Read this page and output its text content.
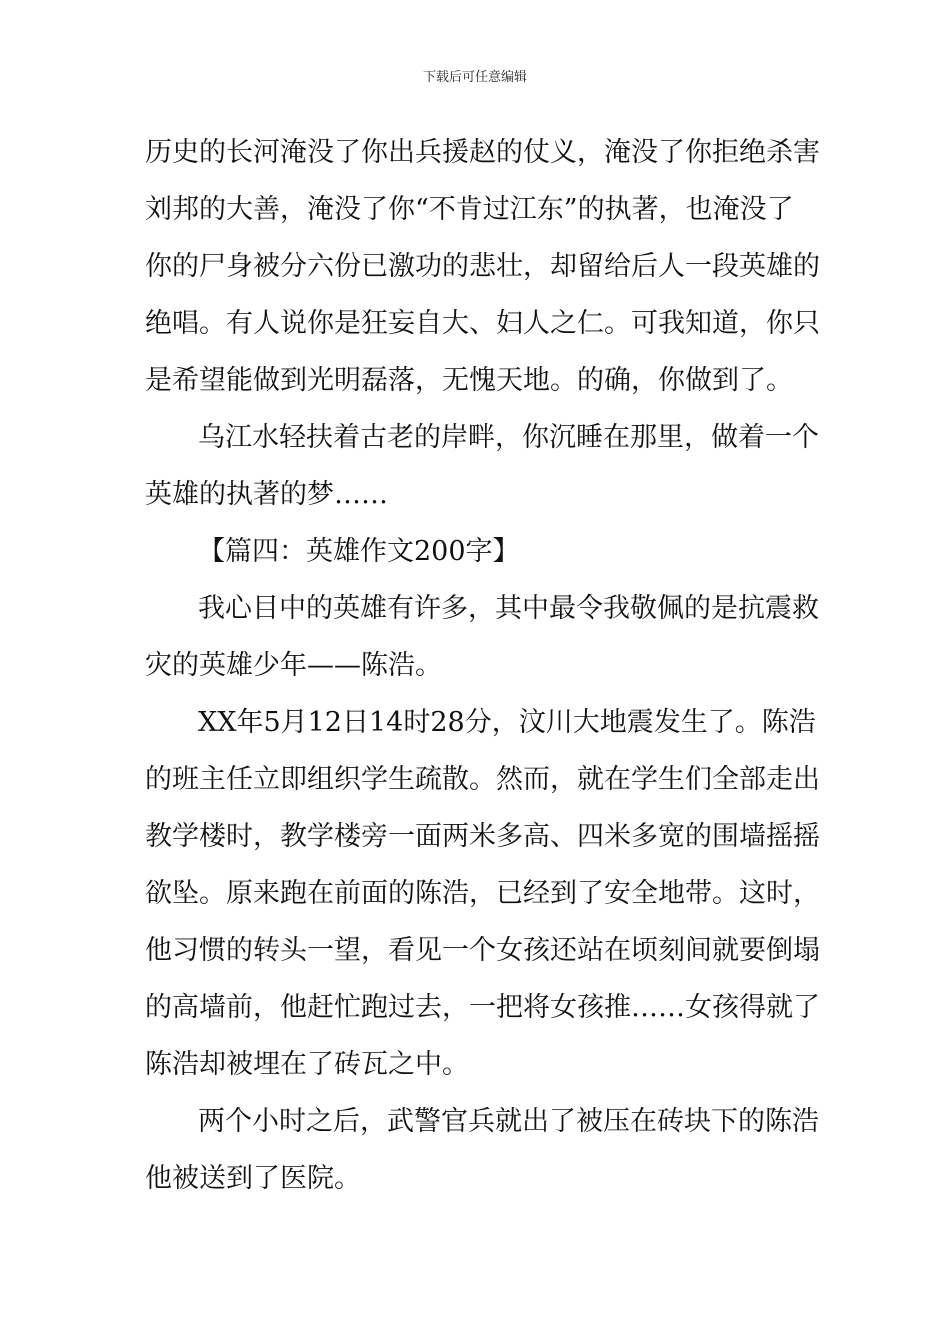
下载后可任意编辑
历史的长河淹没了你出兵援赵的仗义，淹没了你拒绝杀害
刘邦的大善，淹没了你“不肯过江东”的执著，也淹没了
你的尸身被分六份已激功的悲壮，却留给后人一段英雄的
绝唱。有人说你是狂妄自大、妇人之仁。可我知道，你只
是希望能做到光明磊落，无愧天地。的确，你做到了。
乌江水轻扶着古老的岸畔，你沉睡在那里，做着一个
英雄的执著的梦……
【篇四：英雄作文200字】
我心目中的英雄有许多，其中最令我敬佩的是抗震救
灾的英雄少年——陈浩。
XX年5月12日14时28分，汶川大地震发生了。陈浩
的班主任立即组织学生疏散。然而，就在学生们全部走出
教学楼时，教学楼旁一面两米多高、四米多宽的围墙摇摇
欲坠。原来跑在前面的陈浩，已经到了安全地带。这时，
他习惯的转头一望，看见一个女孩还站在顷刻间就要倒塌
的高墙前，他赶忙跑过去，一把将女孩推……女孩得就了
陈浩却被埋在了砖瓦之中。
两个小时之后，武警官兵就出了被压在砖块下的陈浩
他被送到了医院。
